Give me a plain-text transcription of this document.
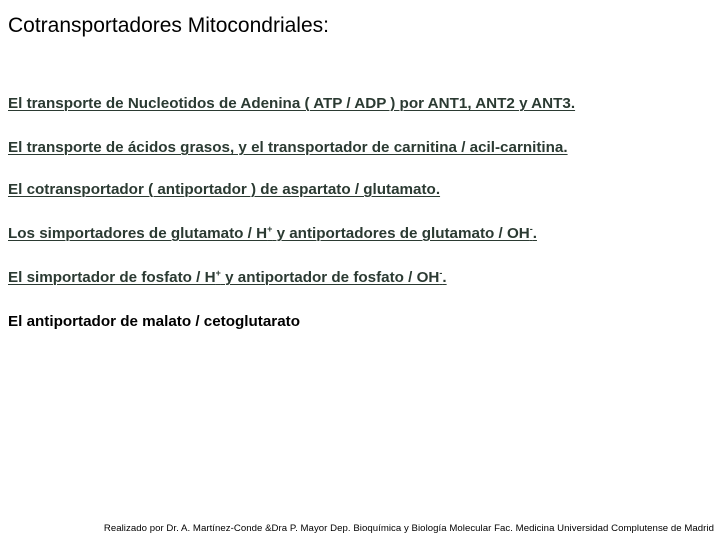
Cotransportadores Mitocondriales:
El transporte de Nucleotidos de Adenina ( ATP / ADP ) por ANT1, ANT2 y ANT3.
El transporte de ácidos grasos, y el transportador de carnitina / acil-carnitina.
El cotransportador ( antiportador ) de aspartato / glutamato.
Los simportadores de glutamato / H+ y antiportadores de glutamato / OH-.
El simportador de fosfato / H+ y antiportador de fosfato / OH-.
El antiportador de malato / cetoglutarato
Realizado por Dr. A. Martínez-Conde &Dra P. Mayor Dep. Bioquímica y Biología Molecular Fac. Medicina Universidad Complutense de Madrid
